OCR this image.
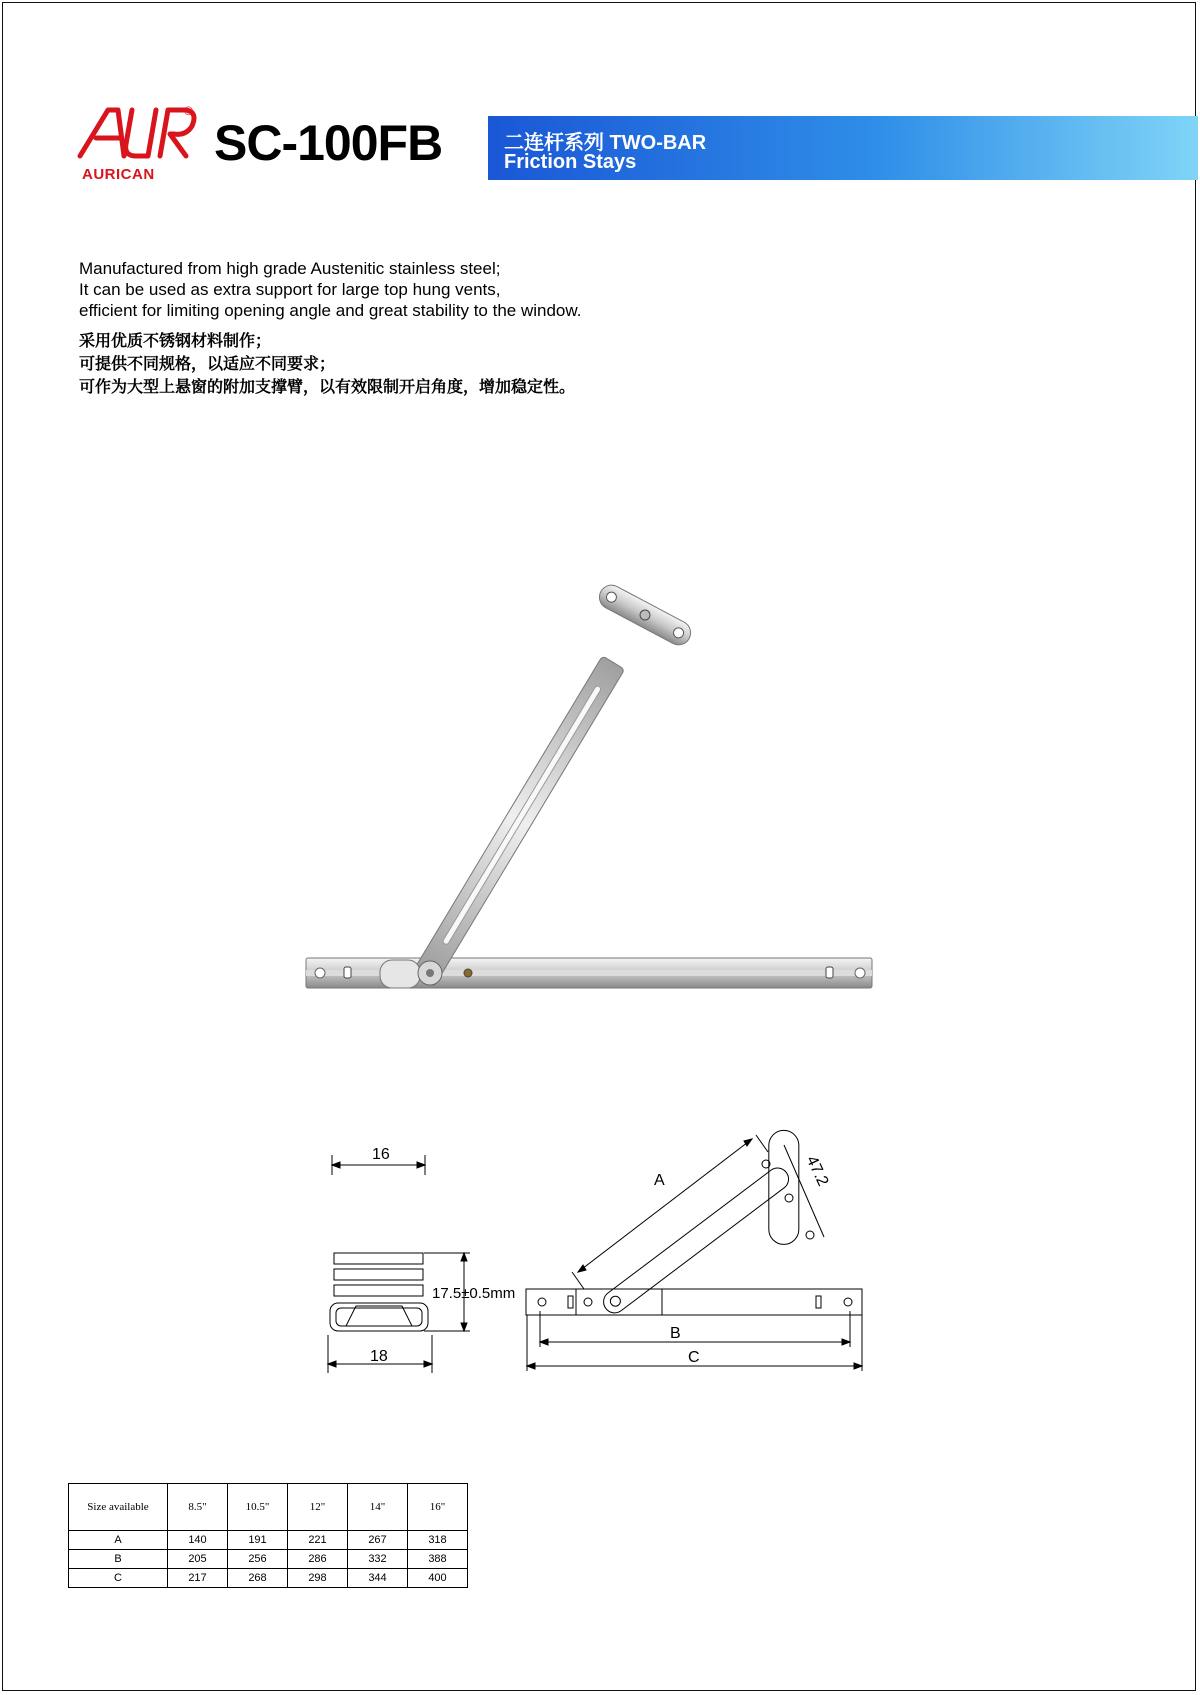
®
AURICAN
SC-100FB	二连杆系列 TWO-BAR
Friction Stays
Manufactured from high grade Austenitic stainless steel;
It can be used as extra support for large top hung vents,
efficient for limiting opening angle and great stability to the window.
采用优质不锈钢材料制作；
可提供不同规格，以适应不同要求；
可作为大型上悬窗的附加支撑臂，以有效限制开启角度，增加稳定性。
16
17.5±0.5mm
18
A	47.2
B
C
Size available	8.5"	10.5"	12"	14"	16"
A	140	191	221	267	318
B	205	256	286	332	388
C	217	268	298	344	400
